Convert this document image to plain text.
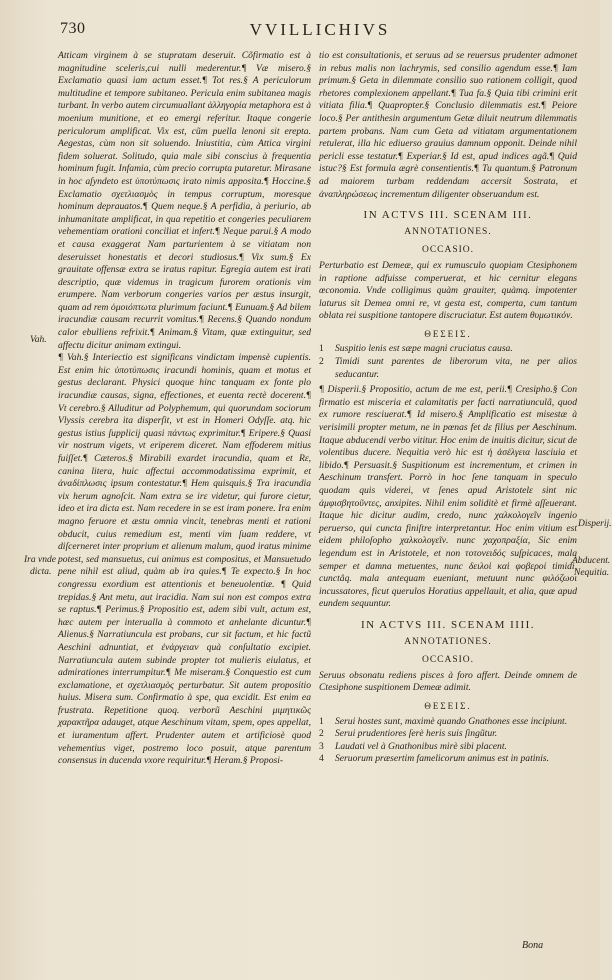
730	VVILLICHIVS

Atticam virginem à se stupratam deseruit. Cõfirmatio est à magnitudine sceleris,cui nulli mederentur.¶ Væ misero.§ Exclamatio quasi iam actum esset.¶ Tot res.§ A periculorum multitudine et tempore subitaneo. Pericula enim subitanea magis turbant. In verbo autem circumuallant ἀλληγορία metaphora est à moenium munitione, et eo emergi referitur. Itaque congerie periculorum amplificat. Vix est, cũm puella lenoni sit erepta. Aegestas, cùm non sit soluendo. Iniustitia, cùm Attica virgini fidem soluerat. Solitudo, quia male sibi conscius à frequentia hominum fugit. Infamia, cùm precio corrupta putaretur. Mirasane in hoc aſyndeto est ὑποτύπωσις irato nimis apposita.¶ Hoccine.§ Exclamatio σχετλιασμὸς in tempus corruptum, moresque hominum deprauatos.¶ Quem neque.§ A perfidia, à periurio, ab inhumanitate amplificat, in qua repetitio et congeries peculiarem vehementiam orationi conciliat et infert.¶ Neque parui.§ A modo et causa exaggerat Nam parturientem à se vitiatam non deseruisset honestatis et decori studiosus.¶ Vix sum.§ Ex grauitate offensæ extra se iratus rapitur. Egregia autem est irati descriptio, quæ videmus in tragicum furorem orationis vim erumpere. Nam verborum congeries varios per æstus insurgit, quam ad rem ὁμοιόπτωτα plurimum faciunt.¶ Eunuam.§ Ad bilem iracundiæ causam recurrit vomitus.¶ Recens.§ Quando nondum calor ebulliens refrixit.¶ Animam.§ Vitam, quæ extinguitur, sed affectu dicitur animam extingui.

¶ Vah.§ Interiectio est significans vindictam impensè cupientis. Est enim hic ὑποτύπωσις iracundi hominis, quam et motus et gestus declarant. Physici quoque hinc tanquam ex fonte plo iracundiæ causas, signa, effectiones, et euenta rectè docerent.¶ Vt cerebro.§ Alluditur ad Polyphemum, qui quorundam sociorum Vlyssis cerebra ita disperſit, vt est in Homeri Odyſſe. atq. hic gestus istius ſupplicij quasi πάντως exprimitur.¶ Eripere.§ Quasi vir nostrum vigets, vt eriperem diceret. Nam effoderem mitius fuiſſet.¶ Cæteros.§ Mirabili exardet iracundia, quam et Rε, canina litera, huic affectui accommodatissima exprimit, et ἀναδίπλωσις ipsum contestatur.¶ Hem quisquis.§ Tra iracundia vix herum agnoſcit. Nam extra se irε videtur, qui furore cietur, ideo et ira dicta est. Nam recedere in se est iram ponere. Ira enim magno feruore et æstu omnia vincit, tenebras menti et rationi obducit, cuius remedium est, menti vim ſuam reddere, vt diſcerneret inter proprium et alienum malum, quod iratus minime potest, sed mansuetus, cui animus est compositus, et Mansuetudo pene nihil est aliud, quàm ab ira quies.¶ Te expecto.§ In hoc congressu exordium est attentionis et beneuolentiæ. ¶ Quid trepidas.§ Ant metu, aut iracidia. Nam sui non est compos extra se raptus.¶ Perimus.§ Propositio est, adem sibi vult, actum est, hæc autem per interualla à commoto et anhelante dicuntur.¶ Alienus.§ Narratiuncula est probans, cur sit factum, et hic factũ Aeschini adnuntiat, et ἐνάργειαν quà conſultatio excipiet. Narratiuncula autem subinde propter tot mulieris eiulatus, et admirationes interrumpitur.¶ Me miseram.§ Conquestio est cum exclamatione, et σχετλιασμὸς perturbatur. Sit autem propositio huius. Misera sum. Confirmatio à spe, qua excidit. Est enim ea frustrata. Repetitione quoq. verborũ Aeschini μιμητικῶς χαρακτῆρα adauget, atque Aeschinum vitam, spem, opes appellat, et iuramentum affert. Prudenter autem et artificiosè quod vehementius viget, postremo loco posuit, atque parentum consensus in ducenda vxore requiritur.¶ Heram.§ Proposi-

tio est consultationis, et seruus ad se reuersus prudenter admonet in rebus malis non lachrymis, sed consilio agendum esse.¶ Iam primum.§ Geta in dilemmate consilio suo rationem colligit, quod rhetores complexionem appellant.¶ Tua fa.§ Quia tibi crimini erit vitiata filia.¶ Quapropter.§ Conclusio dilemmatis est.¶ Peiore loco.§ Per antithesin argumentum Getæ diluit neutrum dilemmatis partem probans. Nam cum Geta ad vitiatam argumentationem retulerat, illa hic ediuerso grauius damnum opponit. Deinde nihil pericli esse testatur.¶ Experiar.§ Id est, apud indices agã.¶ Quid istuc?§ Est formula ægrè consentientis.¶ Tu quantum.§ Patronum ad maiorem turbam reddendam accersit Sostrata, et ἀναπληρώσεως incrementum diligenter obseruandum est.

IN ACTVS III. SCENAM III.

ANNOTATIONES.

OCCASIO.

Perturbatio est Demeæ, qui ex rumusculo quopiam Ctesiphonem in raptione adfuisse comperuerat, et hic cernitur elegans œconomia. Vnde colligimus quàm grauiter, quàmq. impotenter laturus sit Demea omni re, vt gesta est, comperta, cum tantum oblata rei suspitione tantopere discruciatur. Est autem θυμωτικόν.

ΘΕΣΕΙΣ.

1	Suspitio lenis est sæpe magni cruciatus causa.
2	Timidi sunt parentes de liberorum vita, ne per alios seducantur.

¶ Disperii.§ Propositio, actum de me est, perii.¶ Cresipho.§ Con firmatio est misceria et calamitatis per facti narratiunculã, quod ex rumore resciuerat.¶ Id misero.§ Amplificatio est misestæ à verisimili propter metum, ne in pœnas fet dε filius per Aeschinum. Itaque abducendi verbo vititur. Hoc enim de inuitis dicitur, sicut de volentibus ducere. Nequitia verò hic est ἡ ἀσέλγεια lasciuia et libido.¶ Persuasit.§ Suspitionum est incrementum, et crimen in Aeschinum transfert. Porrò in hoc ſene tanquam in speculo quodam quis viderei, vt ſenes apud Aristotelε sint nic ἀμφισβητοῦντες, anxipites. Nihil enim soliditè et firmè aſſeuerant. Itaque hic dicitur audim, credo, nunc χαλκολογεῖν ingenio peruerso, qui cuncta finiſtre interpretantur. Hoc enim vitium est eidem philoſopho χαλκολογεῖν. nunc χαχοπραξία, Sic enim legendum est in Aristotele, et non τοτονειδός suſpicaces, mala semper et damna metuentes, nunc δειλοὶ καὶ φοβεροί timidi, cunctâq. mala antequam eueniant, metuunt nunc φιλόζωοι incussatores, ficut querulos Horatius appellauit, et alia, quæ apud eundem sequuntur.

IN ACTVS III. SCENAM IIII.

ANNOTATIONES.

OCCASIO.

Seruus obsonatu rediens pisces à foro affert. Deinde omnem de Ctesiphone suspitionem Demeæ adimit.

ΘΕΣΕΙΣ.

1	Serui hostes sunt, maximè quando Gnathones esse incipiunt.
2	Serui prudentiores ſerè heris suis ſingũtur.
3	Laudati vel à Gnathonibus mirè sibi placent.
4	Seruorum præsertim famelicorum animus est in patinis.
Vah.
Ira vnde
dicta.
Disperij.
Abducent.
Nequitia.
Bona
